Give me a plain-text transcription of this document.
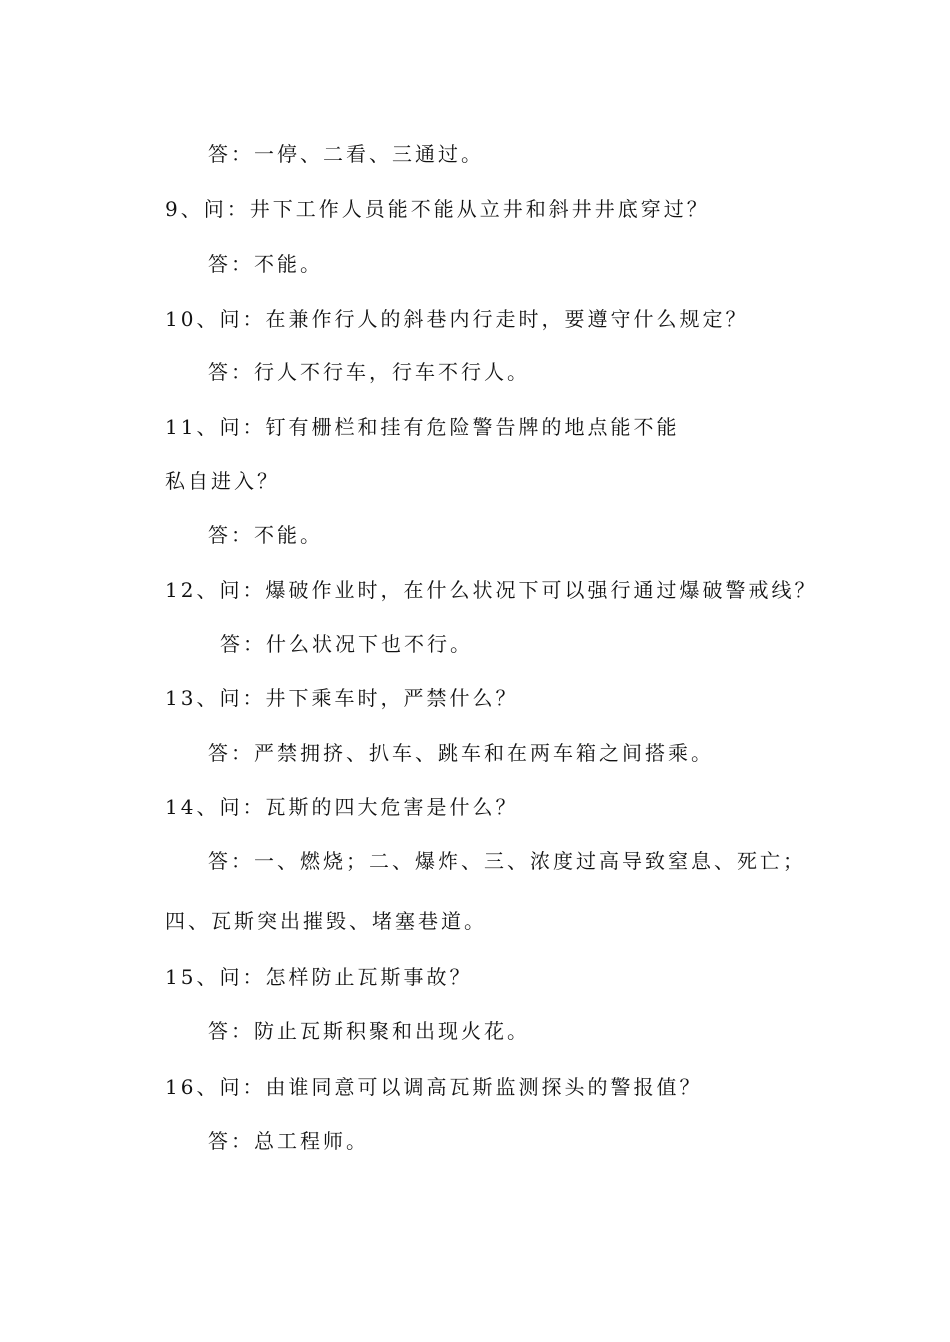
答：一停、二看、三通过。
9、问：井下工作人员能不能从立井和斜井井底穿过？
答：不能。
10、问：在兼作行人的斜巷内行走时，要遵守什么规定？
答：行人不行车，行车不行人。
11、问：钉有栅栏和挂有危险警告牌的地点能不能
私自进入？
答：不能。
12、问：爆破作业时，在什么状况下可以强行通过爆破警戒线？
答：什么状况下也不行。
13、问：井下乘车时，严禁什么？
答：严禁拥挤、扒车、跳车和在两车箱之间搭乘。
14、问：瓦斯的四大危害是什么？
答：一、燃烧；二、爆炸、三、浓度过高导致窒息、死亡；
四、瓦斯突出摧毁、堵塞巷道。
15、问：怎样防止瓦斯事故？
答：防止瓦斯积聚和出现火花。
16、问：由谁同意可以调高瓦斯监测探头的警报值？
答：总工程师。
